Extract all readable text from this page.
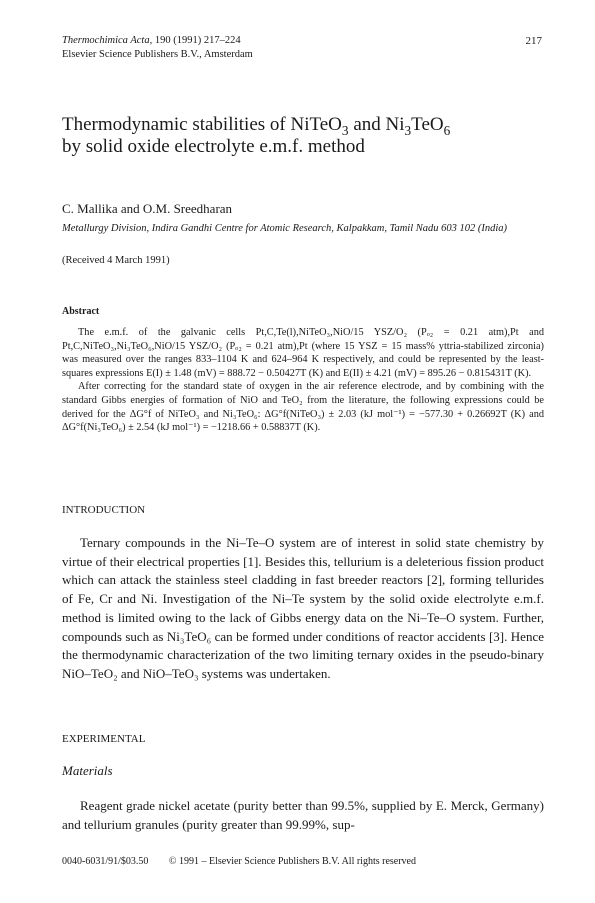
Thermochimica Acta, 190 (1991) 217–224
Elsevier Science Publishers B.V., Amsterdam
217
Thermodynamic stabilities of NiTeO$_3$ and $Ni_3TeO_6$
by solid oxide electrolyte e.m.f. method
C. Mallika and O.M. Sreedharan
Metallurgy Division, Indira Gandhi Centre for Atomic Research, Kalpakkam, Tamil Nadu 603 102 (India)
(Received 4 March 1991)
Abstract

The e.m.f. of the galvanic cells Pt,C,Te(l),NiTeO₃,NiO/15 YSZ/O₂ (Pₒ₂ = 0.21 atm),Pt and Pt,C,NiTeO₃,Ni₃TeO₆,NiO/15 YSZ/O₂ (Pₒ₂ = 0.21 atm),Pt (where 15 YSZ = 15 mass% yttria-stabilized zirconia) was measured over the ranges 833–1104 K and 624–964 K respectively, and could be represented by the least-squares expressions E(I) ± 1.48 (mV) = 888.72 − 0.50427T (K) and E(II) ± 4.21 (mV) = 895.26 − 0.815431T (K).

After correcting for the standard state of oxygen in the air reference electrode, and by combining with the standard Gibbs energies of formation of NiO and TeO₂ from the literature, the following expressions could be derived for the ΔG°f of NiTeO₃ and Ni₃TeO₆: ΔG°f(NiTeO₃) ± 2.03 (kJ mol⁻¹) = −577.30 + 0.26692T (K) and ΔG°f(Ni₃TeO₆) ± 2.54 (kJ mol⁻¹) = −1218.66 + 0.58837T (K).

INTRODUCTION

Ternary compounds in the Ni–Te–O system are of interest in solid state chemistry by virtue of their electrical properties [1]. Besides this, tellurium is a deleterious fission product which can attack the stainless steel cladding in fast breeder reactors [2], forming tellurides of Fe, Cr and Ni. Investigation of the Ni–Te system by the solid oxide electrolyte e.m.f. method is limited owing to the lack of Gibbs energy data on the Ni–Te–O system. Further, compounds such as Ni₃TeO₆ can be formed under conditions of reactor accidents [3]. Hence the thermodynamic characterization of the two limiting ternary oxides in the pseudo-binary NiO–TeO₂ and NiO–TeO₃ systems was undertaken.

EXPERIMENTAL
Materials

Reagent grade nickel acetate (purity better than 99.5%, supplied by E. Merck, Germany) and tellurium granules (purity greater than 99.99%, sup-

0040-6031/91/$03.50 © 1991 – Elsevier Science Publishers B.V. All rights reserved
